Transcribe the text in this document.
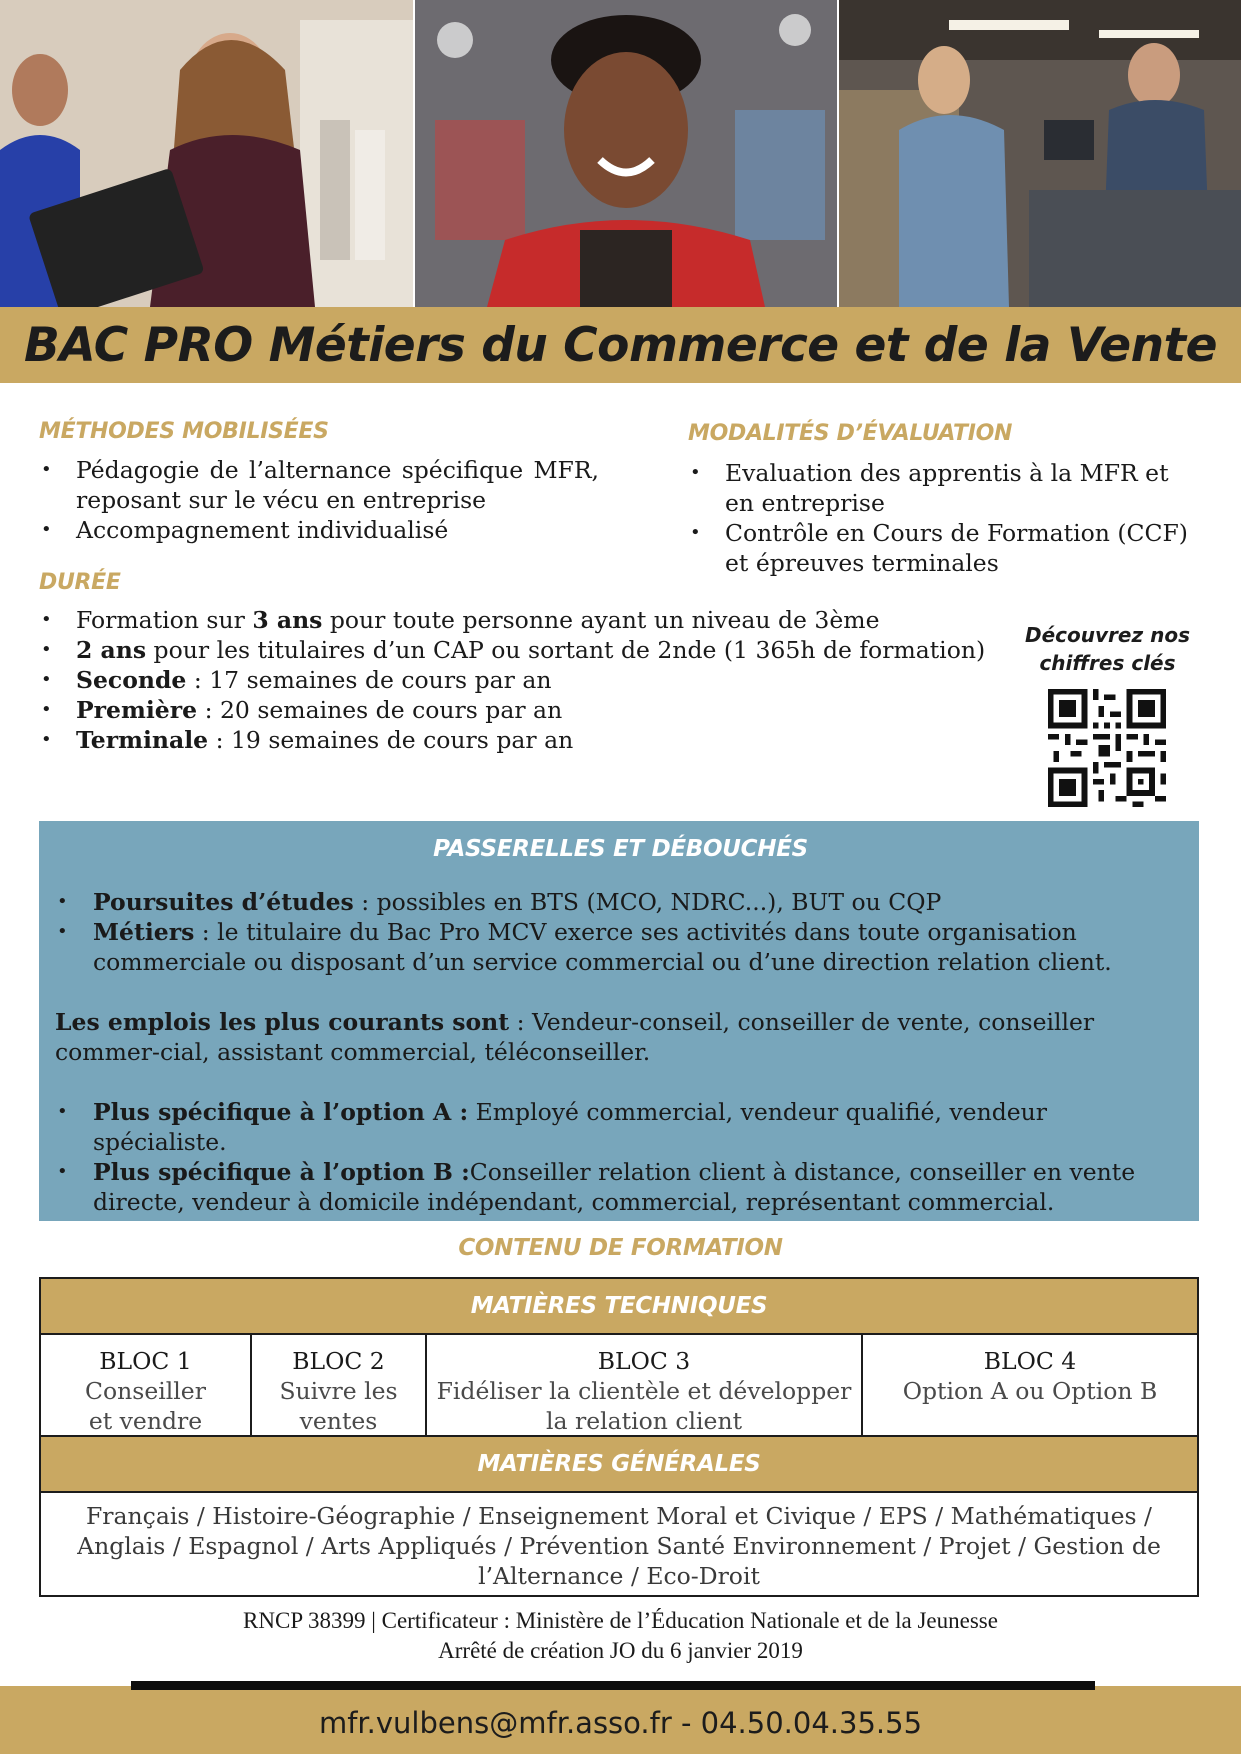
BAC PRO Métiers du Commerce et de la Vente
MÉTHODES MOBILISÉES
• Pédagogie de l’alternance spécifique MFR, reposant sur le vécu en entreprise
• Accompagnement individualisé
MODALITÉS D’ÉVALUATION
• Evaluation des apprentis à la MFR et en entreprise
• Contrôle en Cours de Formation (CCF) et épreuves terminales
DURÉE
• Formation sur 3 ans pour toute personne ayant un niveau de 3ème
• 2 ans pour les titulaires d’un CAP ou sortant de 2nde (1 365h de formation)
• Seconde : 17 semaines de cours par an
• Première : 20 semaines de cours par an
• Terminale : 19 semaines de cours par an
Découvrez nos
chiffres clés
PASSERELLES ET DÉBOUCHÉS
• Poursuites d’études : possibles en BTS (MCO, NDRC...), BUT ou CQP
• Métiers : le titulaire du Bac Pro MCV exerce ses activités dans toute organisation commerciale ou disposant d’un service commercial ou d’une direction relation client.
Les emplois les plus courants sont : Vendeur-conseil, conseiller de vente, conseiller commer-cial, assistant commercial, téléconseiller.
• Plus spécifique à l’option A : Employé commercial, vendeur qualifié, vendeur spécialiste.
• Plus spécifique à l’option B :Conseiller relation client à distance, conseiller en vente directe, vendeur à domicile indépendant, commercial, représentant commercial.
CONTENU DE FORMATION
MATIÈRES TECHNIQUES
BLOC 1
Conseiller
et vendre
BLOC 2
Suivre les
ventes
BLOC 3
Fidéliser la clientèle et développer
la relation client
BLOC 4
Option A ou Option B
MATIÈRES GÉNÉRALES
Français / Histoire-Géographie / Enseignement Moral et Civique / EPS / Mathématiques / Anglais / Espagnol / Arts Appliqués / Prévention Santé Environnement / Projet / Gestion de l’Alternance / Eco-Droit
RNCP 38399 | Certificateur : Ministère de l’Éducation Nationale et de la Jeunesse
Arrêté de création JO du 6 janvier 2019
mfr.vulbens@mfr.asso.fr - 04.50.04.35.55
